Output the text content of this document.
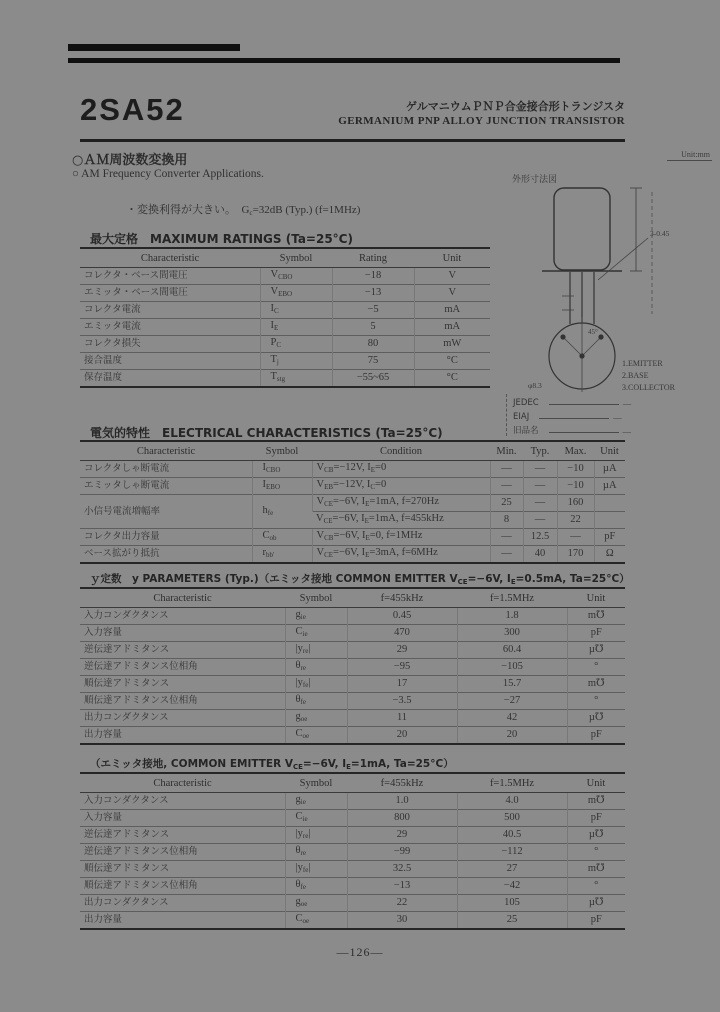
2SA52	ゲルマニウムＰＮＰ合金接合形トランジスタ
GERMANIUM PNP ALLOY JUNCTION TRANSISTOR
○ＡＭ周波数変換用
○ AM Frequency Converter Applications.
・変換利得が大きい。　$G_c=32dB$ (Typ.) (f=1MHz)
Unit:mm
外形寸法図
3-0.45
45°
φ8.3
1.EMITTER
2.BASE
3.COLLECTOR
JEDEC	—
EIAJ	—
旧品名	—
最大定格　MAXIMUM RATINGS (Ta=25°C)
Characteristic	Symbol	Rating	Unit
コレクタ・ベース間電圧	$V_{CBO}$	−18	V
エミッタ・ベース間電圧	$V_{EBO}$	−13	V
コレクタ電流	$I_C$	−5	mA
エミッタ電流	$I_E$	5	mA
コレクタ損失	$P_C$	80	mW
接合温度	$T_j$	75	°C
保存温度	$T_{stg}$	−55~65	°C
電気的特性　ELECTRICAL CHARACTERISTICS (Ta=25°C)
Characteristic	Symbol	Condition	Min.	Typ.	Max.	Unit
コレクタしゃ断電流	$I_{CBO}$	$V_{CB}=-12V$, $I_E=0$	—	—	−10	µA
エミッタしゃ断電流	$I_{EBO}$	$V_{EB}=-12V$, $I_C=0$	—	—	−10	µA
小信号電流増幅率	$h_{fe}$	$V_{CE}=-6V$, $I_E=1mA$, f=270Hz	25	—	160	
		$V_{CE}=-6V$, $I_E=1mA$, f=455kHz	8	—	22	
コレクタ出力容量	$C_{ob}$	$V_{CB}=-6V$, $I_E=0$, f=1MHz	—	12.5	—	pF
ベース拡がり抵抗	$r_{bb'}$	$V_{CE}=-6V$, $I_E=3mA$, f=6MHz	—	40	170	Ω
ｙ定数　y PARAMETERS (Typ.)（エミッタ接地 COMMON EMITTER $V_{CE}=-6V$, $I_E=0.5mA$, Ta=25°C）
Characteristic	Symbol	f=455kHz	f=1.5MHz	Unit
入力コンダクタンス	$g_{ie}$	0.45	1.8	m℧
入力容量	$C_{ie}$	470	300	pF
逆伝達アドミタンス	$|y_{re}|$	29	60.4	µ℧
逆伝達アドミタンス位相角	$\theta_{re}$	−95	−105	°
順伝達アドミタンス	$|y_{fe}|$	17	15.7	m℧
順伝達アドミタンス位相角	$\theta_{fe}$	−3.5	−27	°
出力コンダクタンス	$g_{oe}$	11	42	µ℧
出力容量	$C_{oe}$	20	20	pF
（エミッタ接地, COMMON EMITTER $V_{CE}=-6V$, $I_E=1mA$, Ta=25°C）
Characteristic	Symbol	f=455kHz	f=1.5MHz	Unit
入力コンダクタンス	$g_{ie}$	1.0	4.0	m℧
入力容量	$C_{ie}$	800	500	pF
逆伝達アドミタンス	$|y_{re}|$	29	40.5	µ℧
逆伝達アドミタンス位相角	$\theta_{re}$	−99	−112	°
順伝達アドミタンス	$|y_{fe}|$	32.5	27	m℧
順伝達アドミタンス位相角	$\theta_{fe}$	−13	−42	°
出力コンダクタンス	$g_{oe}$	22	105	µ℧
出力容量	$C_{oe}$	30	25	pF
—126—
